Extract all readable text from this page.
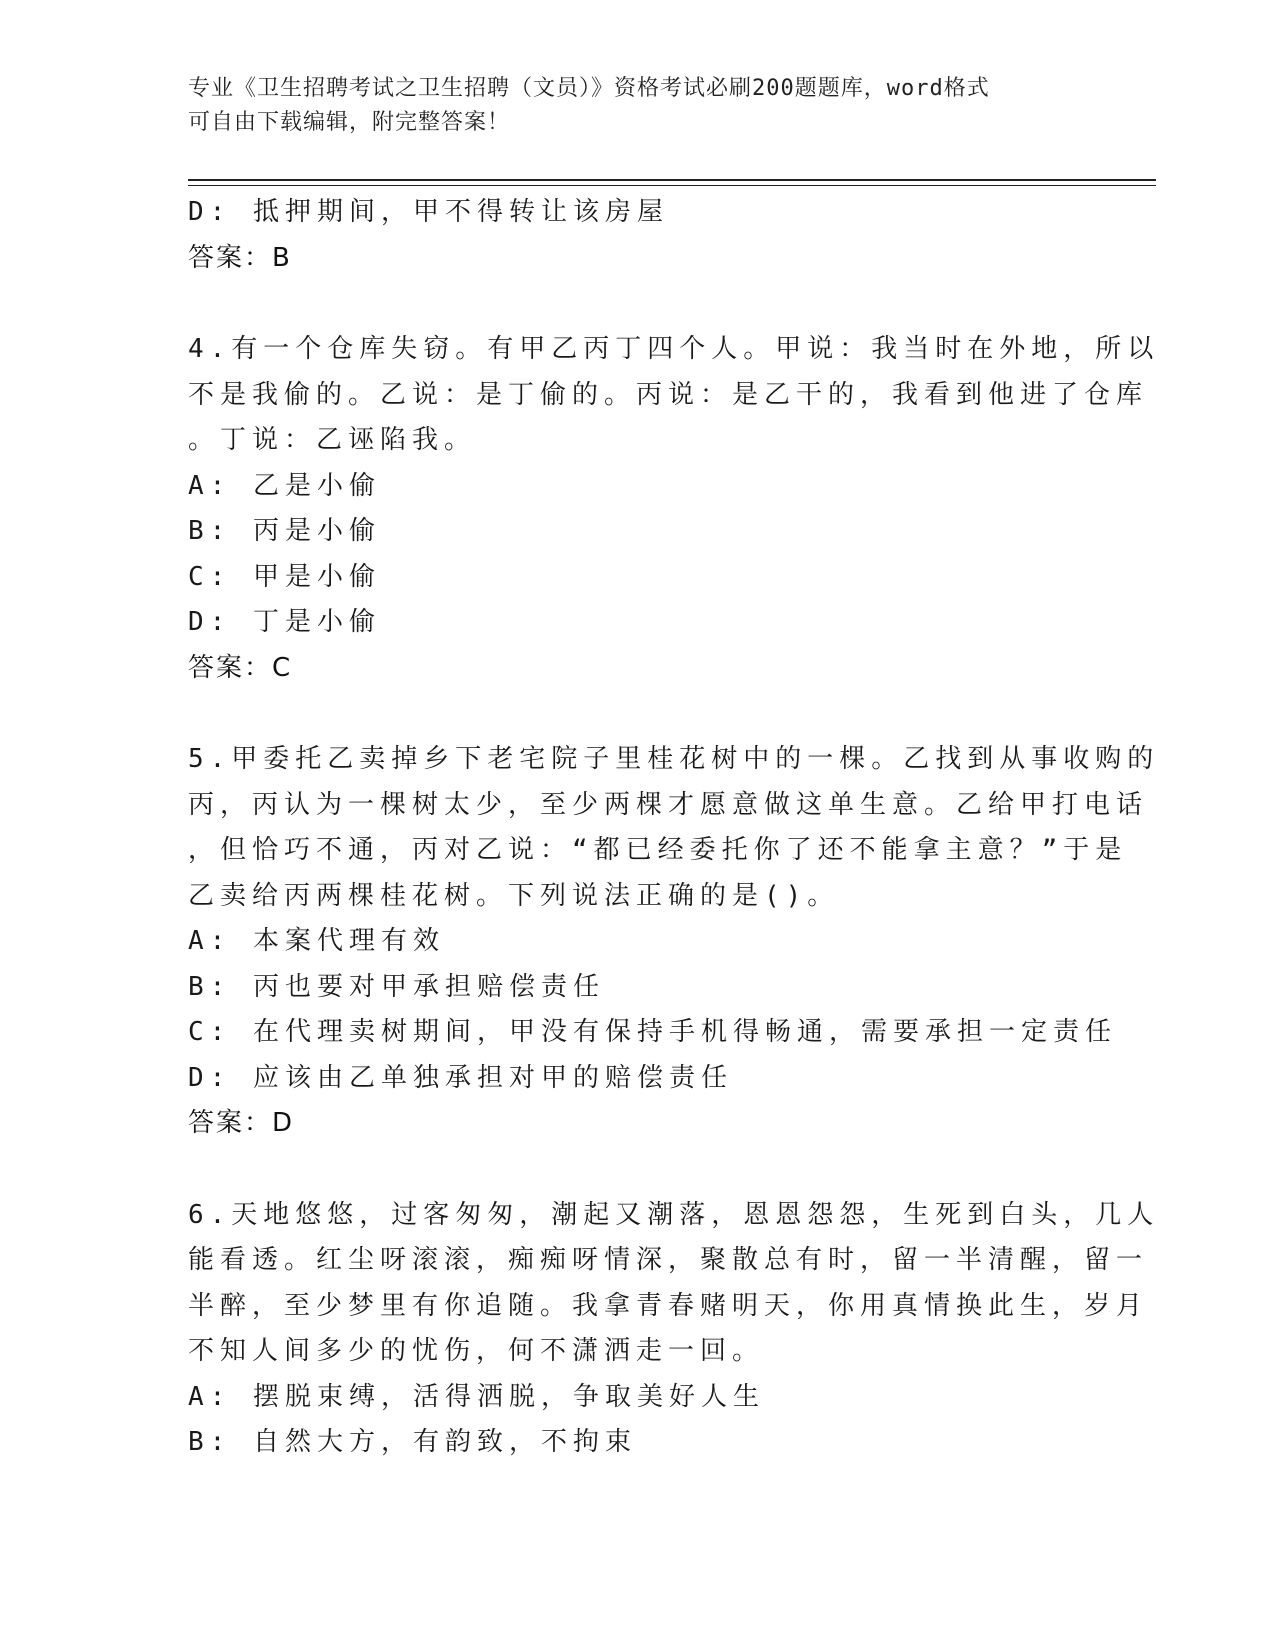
专业《卫生招聘考试之卫生招聘（文员）》资格考试必刷200题题库，word格式
可自由下载编辑，附完整答案！
D: 抵押期间，甲不得转让该房屋
答案：B
4.有一个仓库失窃。有甲乙丙丁四个人。甲说：我当时在外地，所以
不是我偷的。乙说：是丁偷的。丙说：是乙干的，我看到他进了仓库
。丁说：乙诬陷我。
A: 乙是小偷
B: 丙是小偷
C: 甲是小偷
D: 丁是小偷
答案：C
5.甲委托乙卖掉乡下老宅院子里桂花树中的一棵。乙找到从事收购的
丙，丙认为一棵树太少，至少两棵才愿意做这单生意。乙给甲打电话
，但恰巧不通，丙对乙说：“都已经委托你了还不能拿主意？”于是
乙卖给丙两棵桂花树。下列说法正确的是()。
A: 本案代理有效
B: 丙也要对甲承担赔偿责任
C: 在代理卖树期间，甲没有保持手机得畅通，需要承担一定责任
D: 应该由乙单独承担对甲的赔偿责任
答案：D
6.天地悠悠，过客匆匆，潮起又潮落，恩恩怨怨，生死到白头，几人
能看透。红尘呀滚滚，痴痴呀情深，聚散总有时，留一半清醒，留一
半醉，至少梦里有你追随。我拿青春赌明天，你用真情换此生，岁月
不知人间多少的忧伤，何不潇洒走一回。
A: 摆脱束缚，活得洒脱，争取美好人生
B: 自然大方，有韵致，不拘束
